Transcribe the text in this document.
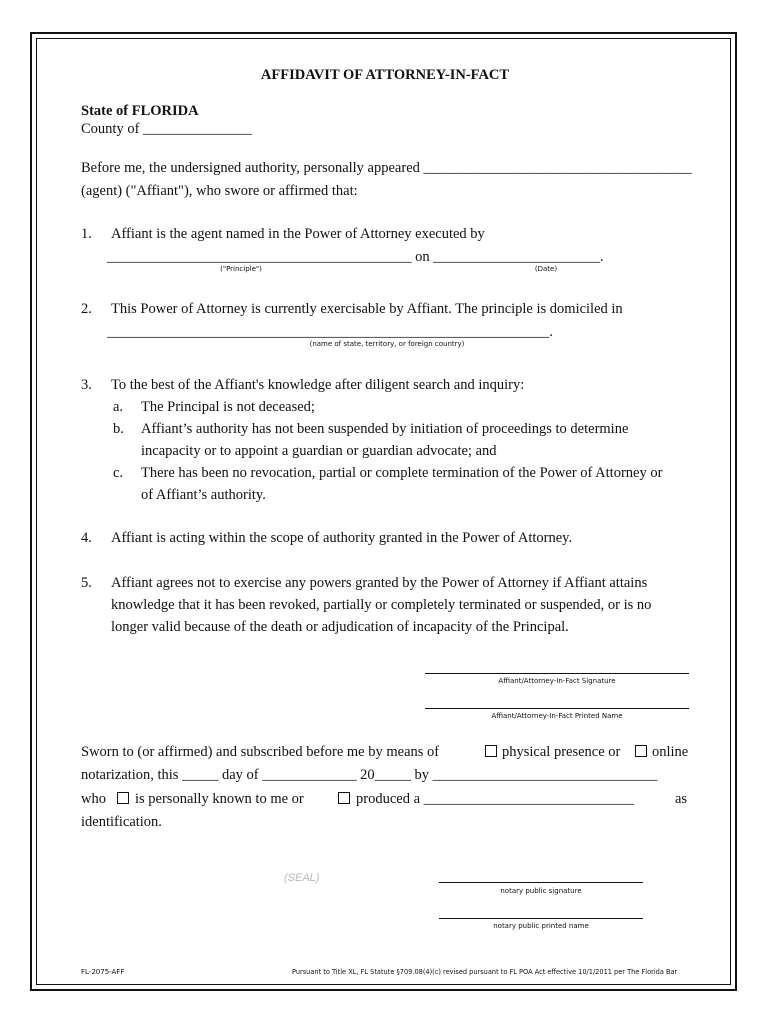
AFFIDAVIT OF ATTORNEY-IN-FACT
State of FLORIDA
County of _______________
Before me, the undersigned authority, personally appeared _____________________________________
(agent) ("Affiant"), who swore or affirmed that:
1. Affiant is the agent named in the Power of Attorney executed by
__________________________________________ on _______________________.
("Principle")	(Date)
2. This Power of Attorney is currently exercisable by Affiant. The principle is domiciled in
_____________________________________________________________.
(name of state, territory, or foreign country)
3. To the best of the Affiant's knowledge after diligent search and inquiry:
a. The Principal is not deceased;
b. Affiant’s authority has not been suspended by initiation of proceedings to determine
incapacity or to appoint a guardian or guardian advocate; and
c. There has been no revocation, partial or complete termination of the Power of Attorney or
of Affiant’s authority.
4. Affiant is acting within the scope of authority granted in the Power of Attorney.
5. Affiant agrees not to exercise any powers granted by the Power of Attorney if Affiant attains
knowledge that it has been revoked, partially or completely terminated or suspended, or is no
longer valid because of the death or adjudication of incapacity of the Principal.
Affiant/Attorney-In-Fact Signature
Affiant/Attorney-In-Fact Printed Name
Sworn to (or affirmed) and subscribed before me by means of	physical presence or online
notarization, this _____ day of _____________ 20_____ by _______________________________
who is personally known to me or	produced a _____________________________	as
identification.
(SEAL)
notary public signature
notary public printed name
FL-2075-AFF	Pursuant to Title XL, FL Statute §709.08(4)(c) revised pursuant to FL POA Act effective 10/1/2011 per The Florida Bar
